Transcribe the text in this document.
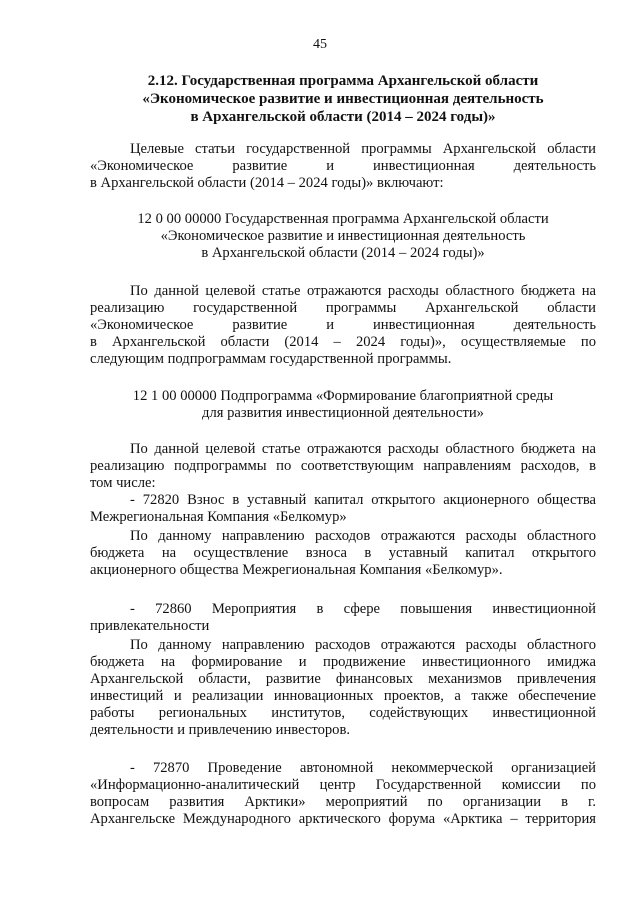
45
2.12. Государственная программа Архангельской области
«Экономическое развитие и инвестиционная деятельность
в Архангельской области (2014 – 2024 годы)»
Целевые статьи государственной программы Архангельской области
«Экономическое развитие и инвестиционная деятельность
в Архангельской области (2014 – 2024 годы)» включают:
12 0 00 00000 Государственная программа Архангельской области
«Экономическое развитие и инвестиционная деятельность
в Архангельской области (2014 – 2024 годы)»
По данной целевой статье отражаются расходы областного бюджета на
реализацию государственной программы Архангельской области
«Экономическое развитие и инвестиционная деятельность
в Архангельской области (2014 – 2024 годы)», осуществляемые по
следующим подпрограммам государственной программы.
12 1 00 00000 Подпрограмма «Формирование благоприятной среды
для развития инвестиционной деятельности»
По данной целевой статье отражаются расходы областного бюджета на
реализацию подпрограммы по соответствующим направлениям расходов, в
том числе:
- 72820 Взнос в уставный капитал открытого акционерного общества
Межрегиональная Компания «Белкомур»
По данному направлению расходов отражаются расходы областного
бюджета на осуществление взноса в уставный капитал открытого
акционерного общества Межрегиональная Компания «Белкомур».
- 72860 Мероприятия в сфере повышения инвестиционной
привлекательности
По данному направлению расходов отражаются расходы областного
бюджета на формирование и продвижение инвестиционного имиджа
Архангельской области, развитие финансовых механизмов привлечения
инвестиций и реализации инновационных проектов, а также обеспечение
работы региональных институтов, содействующих инвестиционной
деятельности и привлечению инвесторов.
- 72870 Проведение автономной некоммерческой организацией
«Информационно-аналитический центр Государственной комиссии по
вопросам развития Арктики» мероприятий по организации в г.
Архангельске Международного арктического форума «Арктика – территория
